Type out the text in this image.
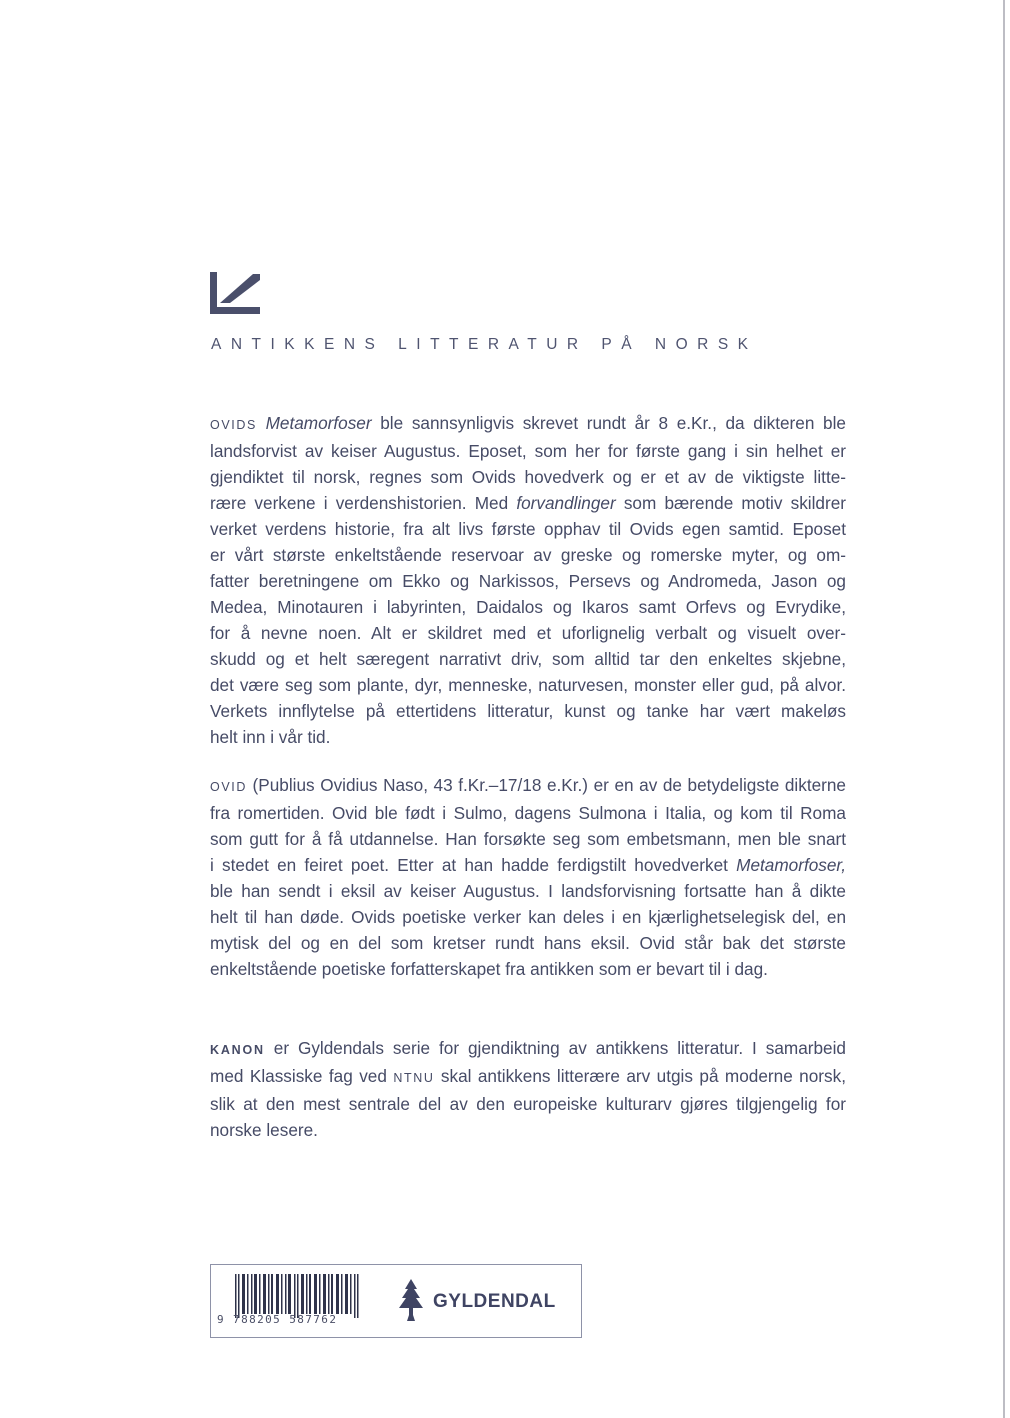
ANTIKKENS LITTERATUR PÅ NORSK
OVIDS Metamorfoser ble sannsynligvis skrevet rundt år 8 e.Kr., da dikteren ble
landsforvist av keiser Augustus. Eposet, som her for første gang i sin helhet er
gjendiktet til norsk, regnes som Ovids hovedverk og er et av de viktigste litte-
rære verkene i verdenshistorien. Med forvandlinger som bærende motiv skildrer
verket verdens historie, fra alt livs første opphav til Ovids egen samtid. Eposet
er vårt største enkeltstående reservoar av greske og romerske myter, og om-
fatter beretningene om Ekko og Narkissos, Persevs og Andromeda, Jason og
Medea, Minotauren i labyrinten, Daidalos og Ikaros samt Orfevs og Evrydike,
for å nevne noen. Alt er skildret med et uforlignelig verbalt og visuelt over-
skudd og et helt særegent narrativt driv, som alltid tar den enkeltes skjebne,
det være seg som plante, dyr, menneske, naturvesen, monster eller gud, på alvor.
Verkets innflytelse på ettertidens litteratur, kunst og tanke har vært makeløs
helt inn i vår tid.
OVID (Publius Ovidius Naso, 43 f.Kr.–17/18 e.Kr.) er en av de betydeligste dikterne
fra romertiden. Ovid ble født i Sulmo, dagens Sulmona i Italia, og kom til Roma
som gutt for å få utdannelse. Han forsøkte seg som embetsmann, men ble snart
i stedet en feiret poet. Etter at han hadde ferdigstilt hovedverket Metamorfoser,
ble han sendt i eksil av keiser Augustus. I landsforvisning fortsatte han å dikte
helt til han døde. Ovids poetiske verker kan deles i en kjærlighetselegisk del, en
mytisk del og en del som kretser rundt hans eksil. Ovid står bak det største
enkeltstående poetiske forfatterskapet fra antikken som er bevart til i dag.
KANON er Gyldendals serie for gjendiktning av antikkens litteratur. I samarbeid
med Klassiske fag ved NTNU skal antikkens litterære arv utgis på moderne norsk,
slik at den mest sentrale del av den europeiske kulturarv gjøres tilgjengelig for
norske lesere.
9 788205 587762
GYLDENDAL
